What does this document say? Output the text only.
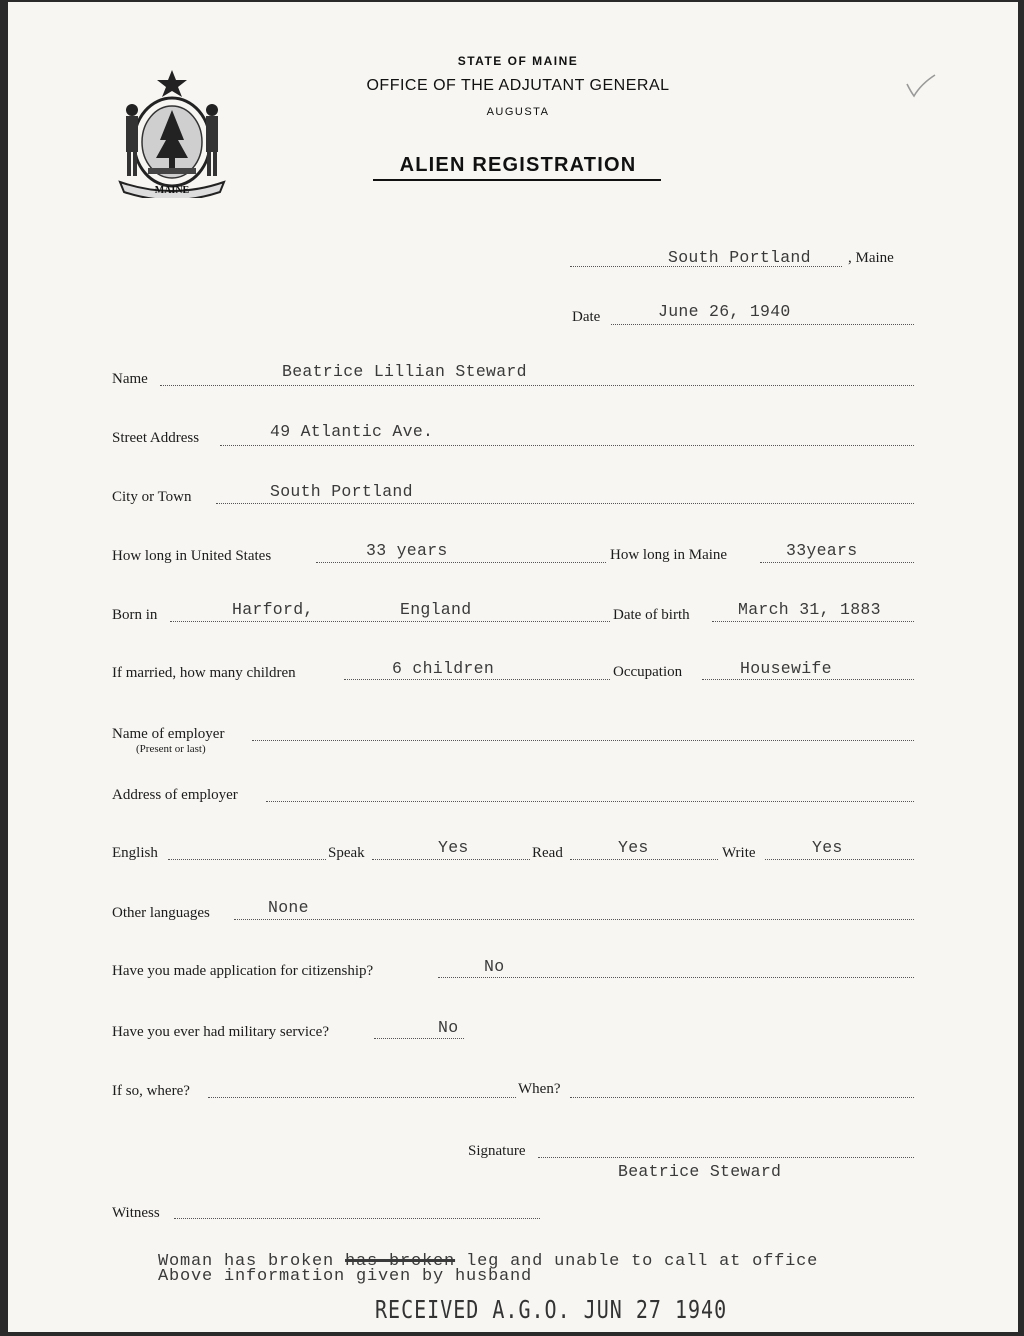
MAINE
STATE OF MAINE
OFFICE OF THE ADJUTANT GENERAL
AUGUSTA
ALIEN REGISTRATION
South Portland , Maine
Date	June 26, 1940
Name	Beatrice Lillian Steward
Street Address	49 Atlantic Ave.
City or Town	South Portland
How long in United States	33 years	How long in Maine	33years
Born in	Harford,	England	Date of birth	March 31, 1883
If married, how many children	6 children	Occupation	Housewife
Name of employer
(Present or last)
Address of employer
English	Speak	Yes	Read	Yes	Write	Yes
Other languages	None
Have you made application for citizenship?	No
Have you ever had military service?	No
If so, where?	When?
Signature
Beatrice Steward
Witness
Woman has broken has broken leg and unable to call at office
Above information given by husband
RECEIVED A.G.O. JUN 27 1940
